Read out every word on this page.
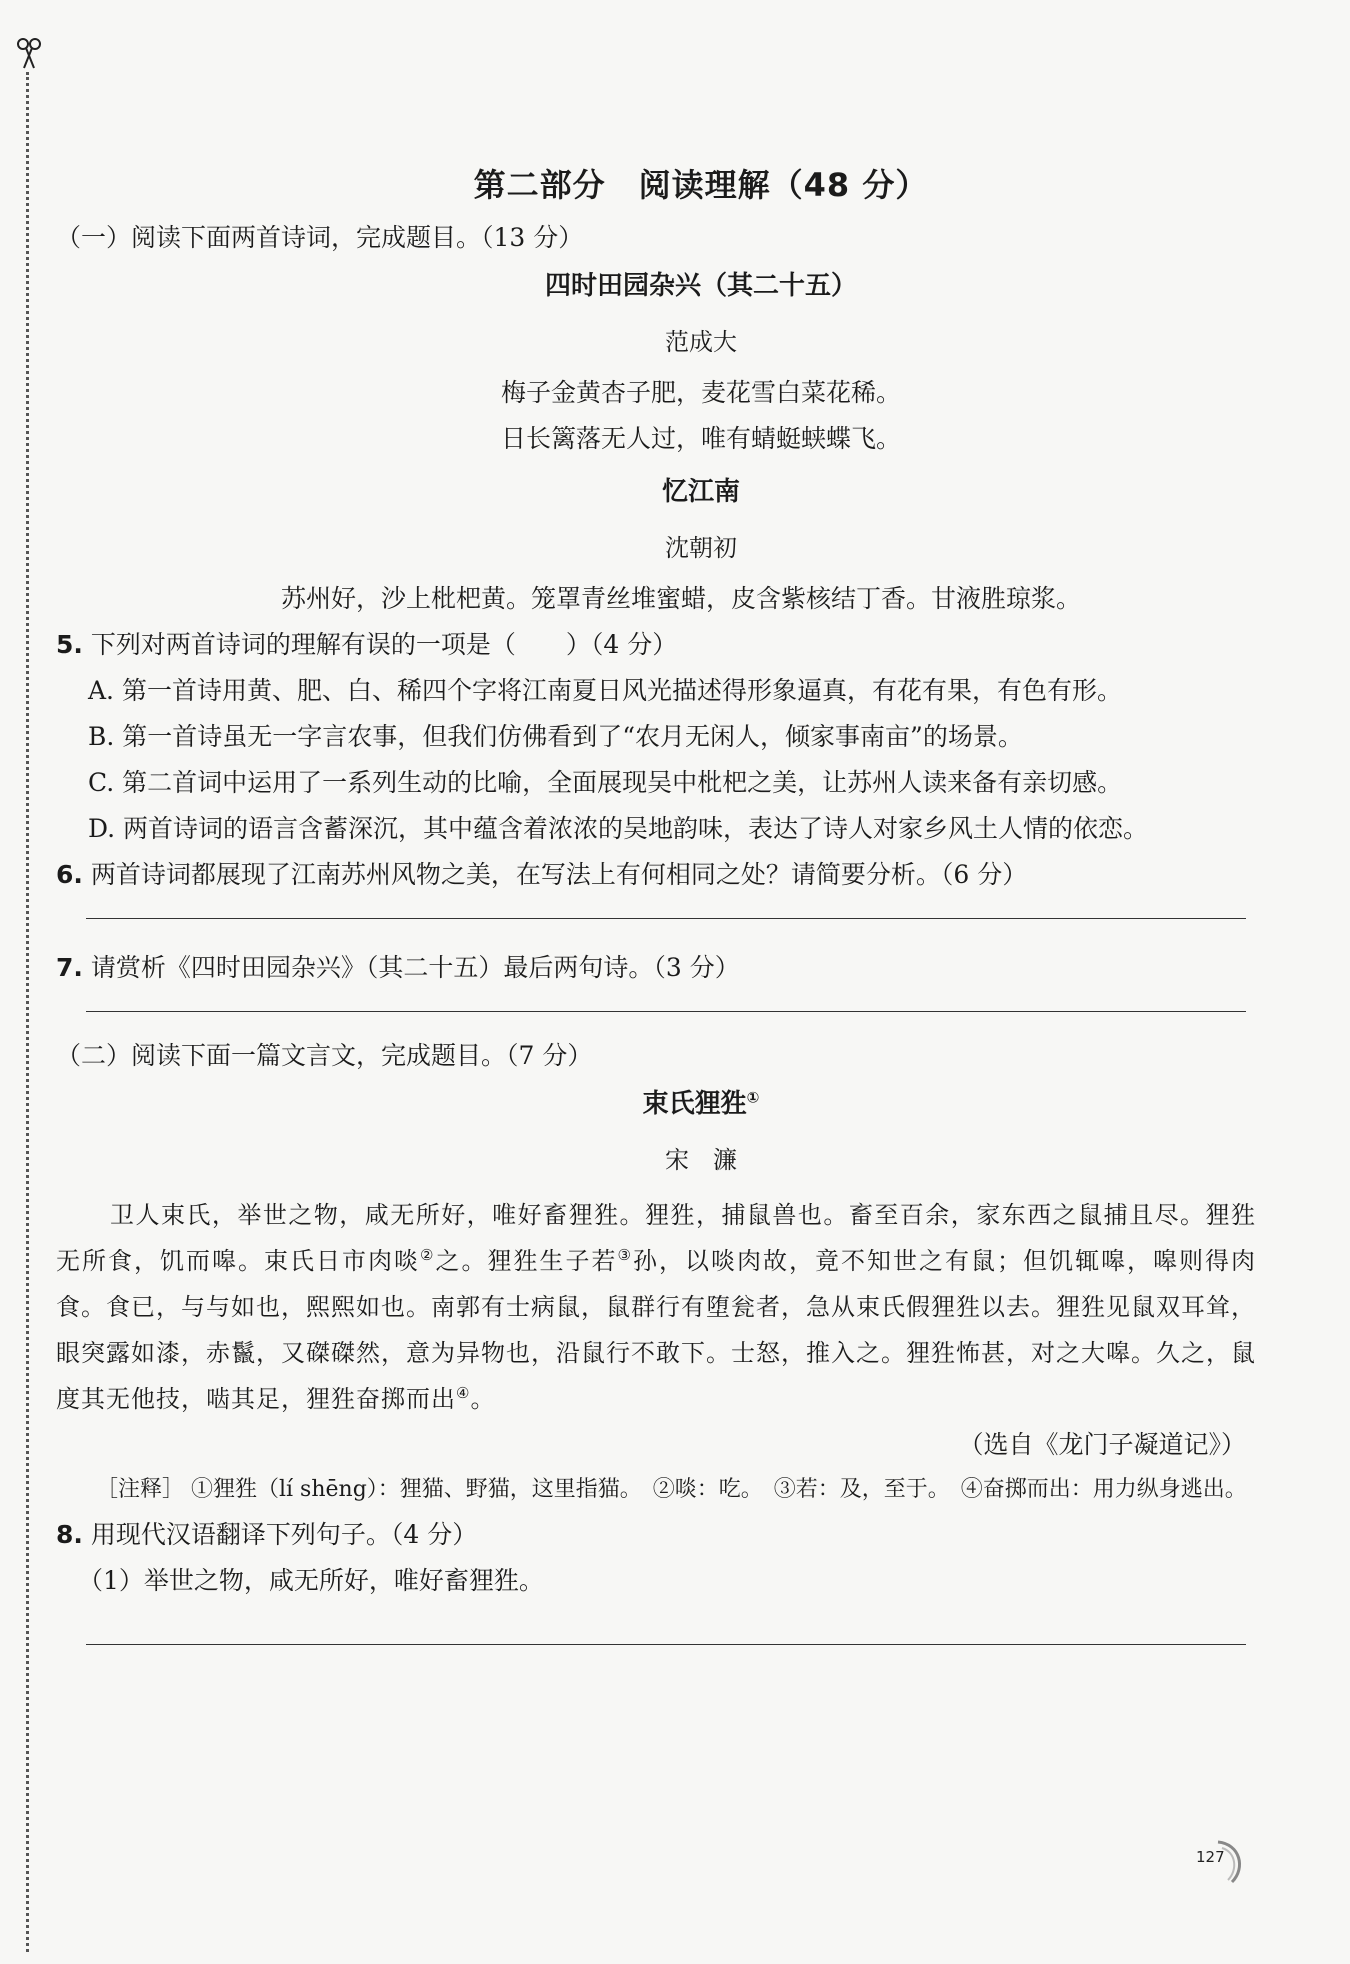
第二部分　阅读理解（48 分）

（一）阅读下面两首诗词，完成题目。（13 分）

四时田园杂兴（其二十五）

范成大

梅子金黄杏子肥，麦花雪白菜花稀。

日长篱落无人过，唯有蜻蜓蛱蝶飞。

忆江南

沈朝初

苏州好，沙上枇杷黄。笼罩青丝堆蜜蜡，皮含紫核结丁香。甘液胜琼浆。

5. 下列对两首诗词的理解有误的一项是（　　）（4 分）

A. 第一首诗用黄、肥、白、稀四个字将江南夏日风光描述得形象逼真，有花有果，有色有形。

B. 第一首诗虽无一字言农事，但我们仿佛看到了“农月无闲人，倾家事南亩”的场景。

C. 第二首词中运用了一系列生动的比喻，全面展现吴中枇杷之美，让苏州人读来备有亲切感。

D. 两首诗词的语言含蓄深沉，其中蕴含着浓浓的吴地韵味，表达了诗人对家乡风土人情的依恋。

6. 两首诗词都展现了江南苏州风物之美，在写法上有何相同之处？请简要分析。（6 分）

7. 请赏析《四时田园杂兴》（其二十五）最后两句诗。（3 分）

（二）阅读下面一篇文言文，完成题目。（7 分）

束氏狸狌①

宋　濂

卫人束氏，举世之物，咸无所好，唯好畜狸狌。狸狌，捕鼠兽也。畜至百余，家东西之鼠捕且尽。狸狌无所食，饥而嗥。束氏日市肉啖②之。狸狌生子若③孙，以啖肉故，竟不知世之有鼠；但饥辄嗥，嗥则得肉食。食已，与与如也，熙熙如也。南郭有士病鼠，鼠群行有堕瓮者，急从束氏假狸狌以去。狸狌见鼠双耳耸，眼突露如漆，赤鬣，又磔磔然，意为异物也，沿鼠行不敢下。士怒，推入之。狸狌怖甚，对之大嗥。久之，鼠度其无他技，啮其足，狸狌奋掷而出④。

（选自《龙门子凝道记》）

［注释］ ①狸狌（lí shēng）：狸猫、野猫，这里指猫。　②啖：吃。　③若：及，至于。　④奋掷而出：用力纵身逃出。

8. 用现代汉语翻译下列句子。（4 分）

（1）举世之物，咸无所好，唯好畜狸狌。

127
